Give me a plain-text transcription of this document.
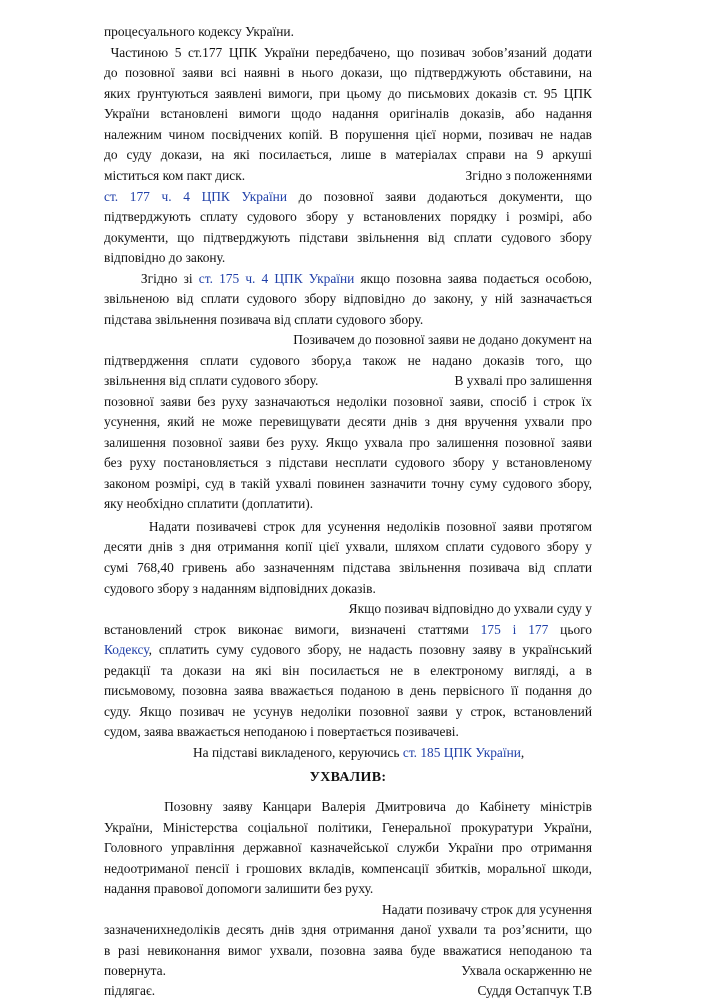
процесуального кодексу України.
Частиною 5 ст.177 ЦПК України передбачено, що позивач зобов’язаний додати
до позовної заяви всі наявні в нього докази, що підтверджують обставини, на
яких ґрунтуються заявлені вимоги, при цьому до письмових доказів ст. 95 ЦПК
України встановлені вимоги щодо надання оригіналів доказів, або надання
належним чином посвідчених копій. В порушення цієї норми, позивач не надав
до суду докази, на які посилається, лише в матеріалах справи на 9 аркуші
міститься ком пакт диск.	Згідно з положеннями
ст. 177 ч. 4 ЦПК України до позовної заяви додаються документи, що
підтверджують сплату судового збору у встановлених порядку і розмірі, або
документи, що підтверджують підстави звільнення від сплати судового збору
відповідно до закону.
Згідно зі ст. 175 ч. 4 ЦПК України якщо позовна заява подається особою,
звільненою від сплати судового збору відповідно до закону, у ній зазначається
підстава звільнення позивача від сплати судового збору.
Позивачем до позовної заяви не додано документ на
підтвердження сплати судового збору,а також не надано доказів того, що
звільнення від сплати судового збору.	В ухвалі про залишення
позовної заяви без руху зазначаються недоліки позовної заяви, спосіб і строк їх
усунення, який не може перевищувати десяти днів з дня вручення ухвали про
залишення позовної заяви без руху. Якщо ухвала про залишення позовної заяви
без руху постановляється з підстави несплати судового збору у встановленому
законом розмірі, суд в такій ухвалі повинен зазначити точну суму судового збору,
яку необхідно сплатити (доплатити).
Надати позивачеві строк для усунення недоліків позовної заяви протягом
десяти днів з дня отримання копії цієї ухвали, шляхом сплати судового збору у
сумі 768,40 гривень або зазначенням підстава звільнення позивача від сплати
судового збору з наданням відповідних доказів.
Якщо позивач відповідно до ухвали суду у
встановлений строк виконає вимоги, визначені статтями 175 і 177 цього
Кодексу, сплатить суму судового збору, не надасть позовну заяву в український
редакції та докази на які він посилається не в електроному вигляді, а в
письмовому, позовна заява вважається поданою в день первісного її подання до
суду. Якщо позивач не усунув недоліки позовної заяви у строк, встановлений
судом, заява вважається неподаною і повертається позивачеві.
На підставі викладеного, керуючись ст. 185 ЦПК України,
УХВАЛИВ:
Позовну заяву Канцари Валерія Дмитровича до Кабінету міністрів
України, Міністерства соціальної політики, Генеральної прокуратури України,
Головного управління державної казначейської служби України про отримання
недоотриманої пенсії і грошових вкладів, компенсації збитків, моральної шкоди,
надання правової допомоги залишити без руху.
Надати позивачу строк для усунення
зазначенихнедоліків десять днів здня отримання даної ухвали та роз’яснити, що
в разі невиконання вимог ухвали, позовна заява буде вважатися неподаною та
повернута.	Ухвала оскарженню не
підлягає.	Суддя Остапчук Т.В
